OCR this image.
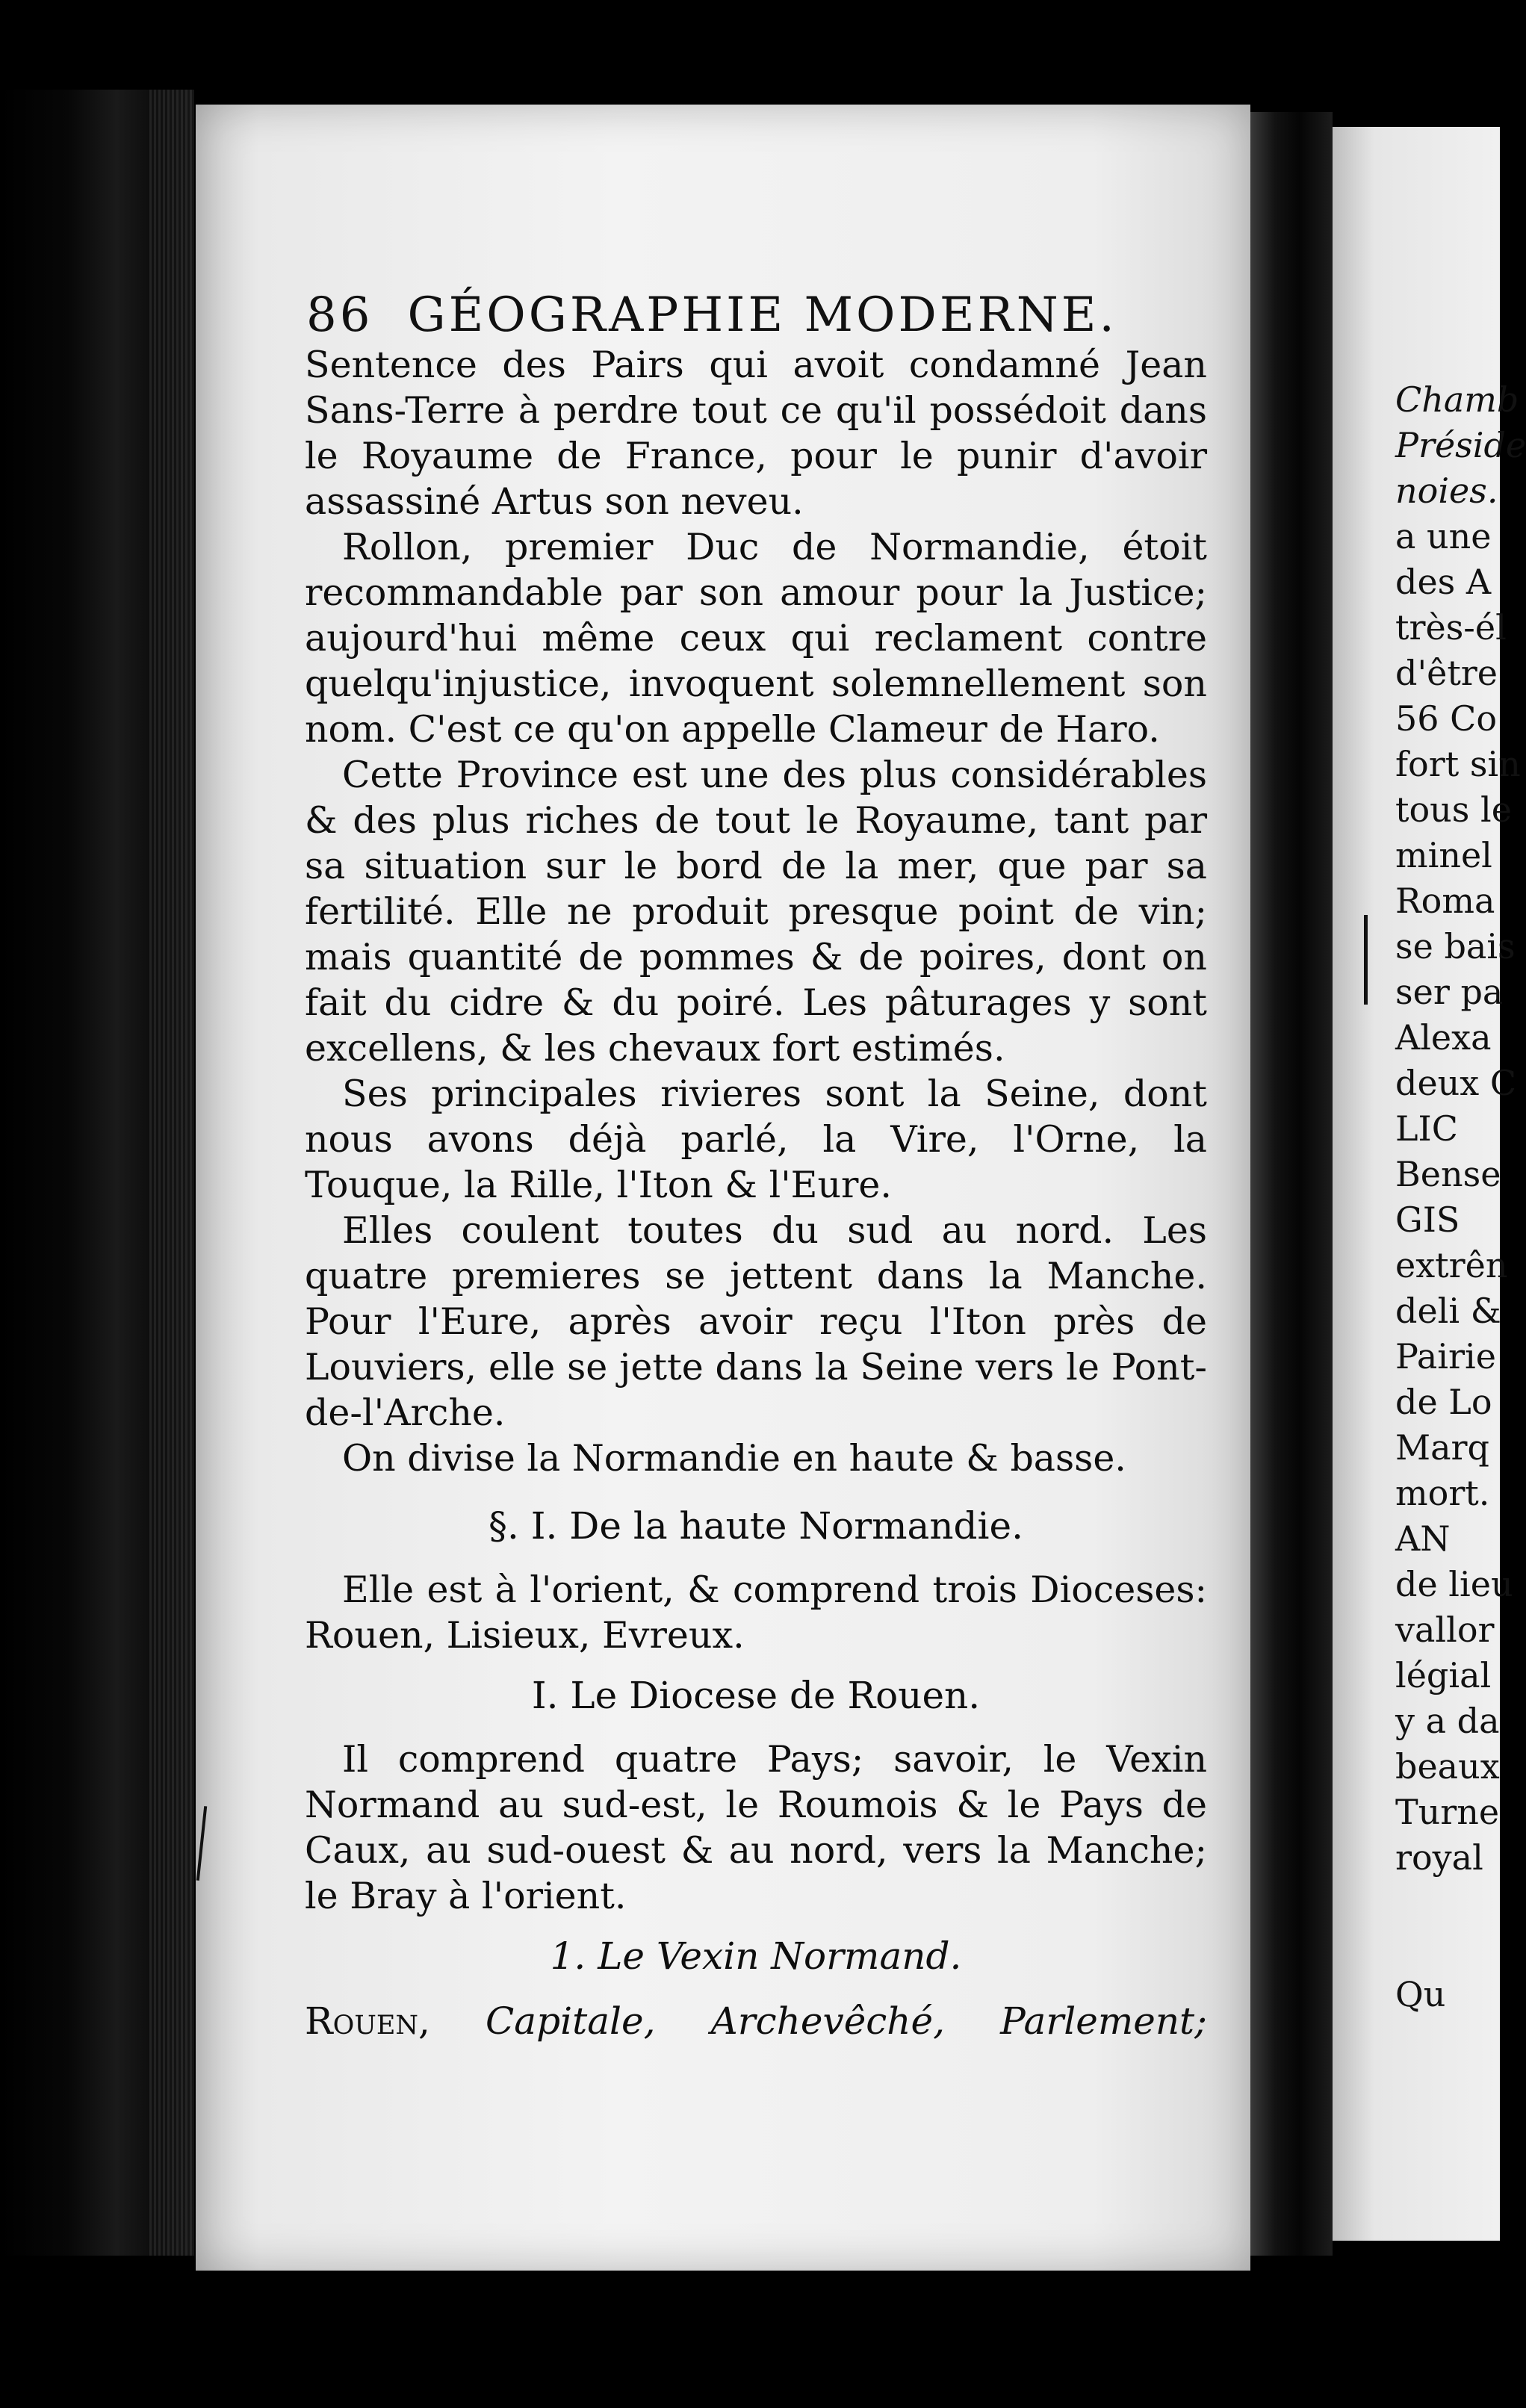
86 GÉOGRAPHIE MODERNE.

Sentence des Pairs qui avoit condamné Jean Sans-Terre à perdre tout ce qu'il possédoit dans le Royaume de France, pour le punir d'avoir assassiné Artus son neveu.

Rollon, premier Duc de Normandie, étoit recommandable par son amour pour la Justice; aujourd'hui même ceux qui reclament contre quelqu'injustice, invoquent solemnellement son nom. C'est ce qu'on appelle Clameur de Haro.

Cette Province est une des plus considérables & des plus riches de tout le Royaume, tant par sa situation sur le bord de la mer, que par sa fertilité. Elle ne produit presque point de vin; mais quantité de pommes & de poires, dont on fait du cidre & du poiré. Les pâturages y sont excellens, & les chevaux fort estimés.

Ses principales rivieres sont la Seine, dont nous avons déjà parlé, la Vire, l'Orne, la Touque, la Rille, l'Iton & l'Eure.

Elles coulent toutes du sud au nord. Les quatre premieres se jettent dans la Manche. Pour l'Eure, après avoir reçu l'Iton près de Louviers, elle se jette dans la Seine vers le Pont-de-l'Arche.

On divise la Normandie en haute & basse.

§. I. De la haute Normandie.

Elle est à l'orient, & comprend trois Dioceses: Rouen, Lisieux, Evreux.

I. Le Diocese de Rouen.

Il comprend quatre Pays; savoir, le Vexin Normand au sud-est, le Roumois & le Pays de Caux, au sud-ouest & au nord, vers la Manche; le Bray à l'orient.

1. Le Vexin Normand.
Rouen, Capitale, Archevêché, Parlement;
Chamb
Préside
noies.
a une
des A
très-él
d'être
56 Co
fort sin
tous le
minel
Roma
se bais
ser pa
Alexa
deux C
LIC
Bense
GIS
extrên
deli &
Pairie
de Lo
Marq
mort.
AN
de lieu
vallor
légial
y a da
beaux
Turne
royal

Qu
